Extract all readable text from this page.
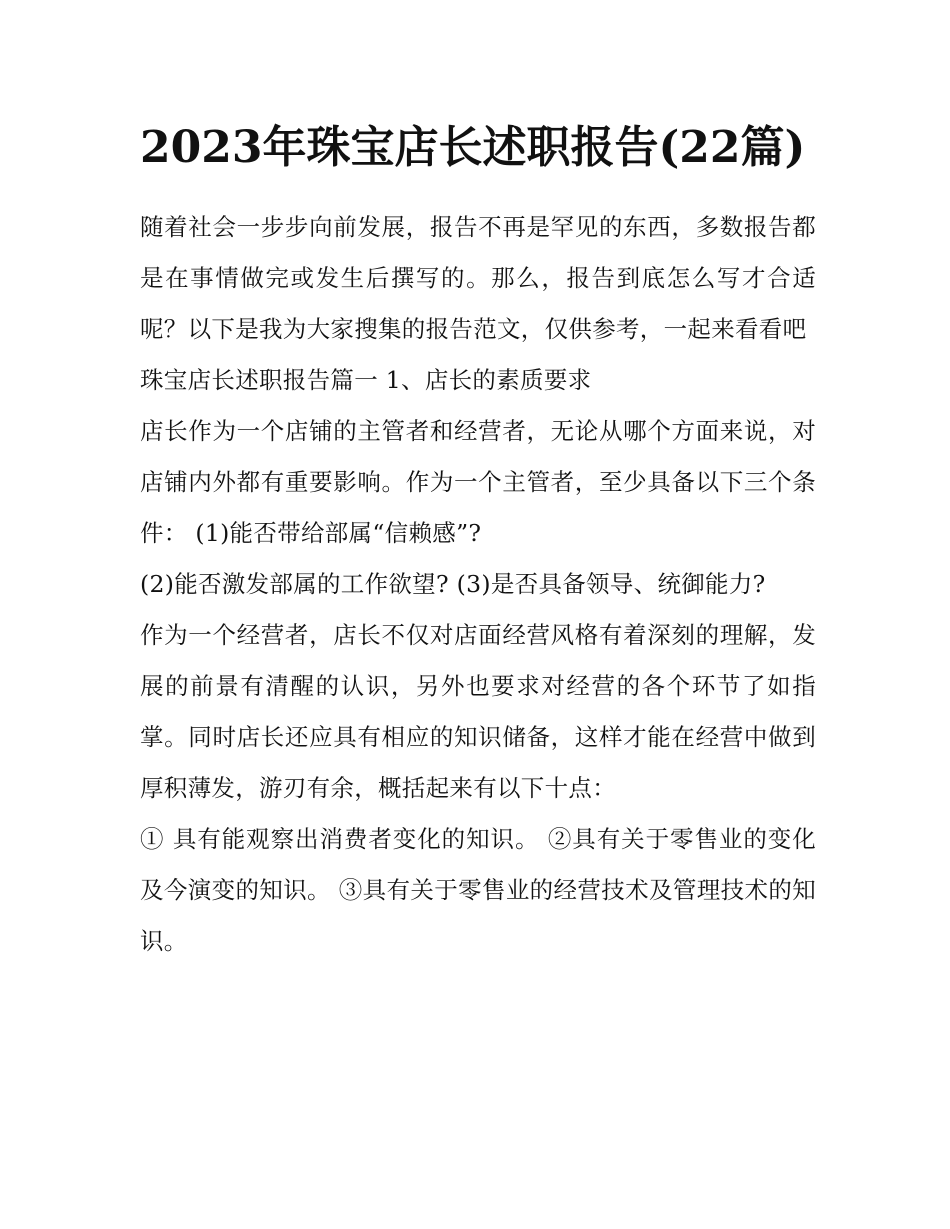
2023年珠宝店长述职报告(22篇)

随着社会一步步向前发展，报告不再是罕见的东西，多数报告都是在事情做完或发生后撰写的。那么，报告到底怎么写才合适呢？以下是我为大家搜集的报告范文，仅供参考，一起来看看吧

珠宝店长述职报告篇一 1、店长的素质要求

店长作为一个店铺的主管者和经营者，无论从哪个方面来说，对店铺内外都有重要影响。作为一个主管者，至少具备以下三个条件： (1)能否带给部属“信赖感”?

(2)能否激发部属的工作欲望? (3)是否具备领导、统御能力?

作为一个经营者，店长不仅对店面经营风格有着深刻的理解，发展的前景有清醒的认识，另外也要求对经营的各个环节了如指掌。同时店长还应具有相应的知识储备，这样才能在经营中做到厚积薄发，游刃有余，概括起来有以下十点：

① 具有能观察出消费者变化的知识。 ②具有关于零售业的变化及今演变的知识。 ③具有关于零售业的经营技术及管理技术的知识。
